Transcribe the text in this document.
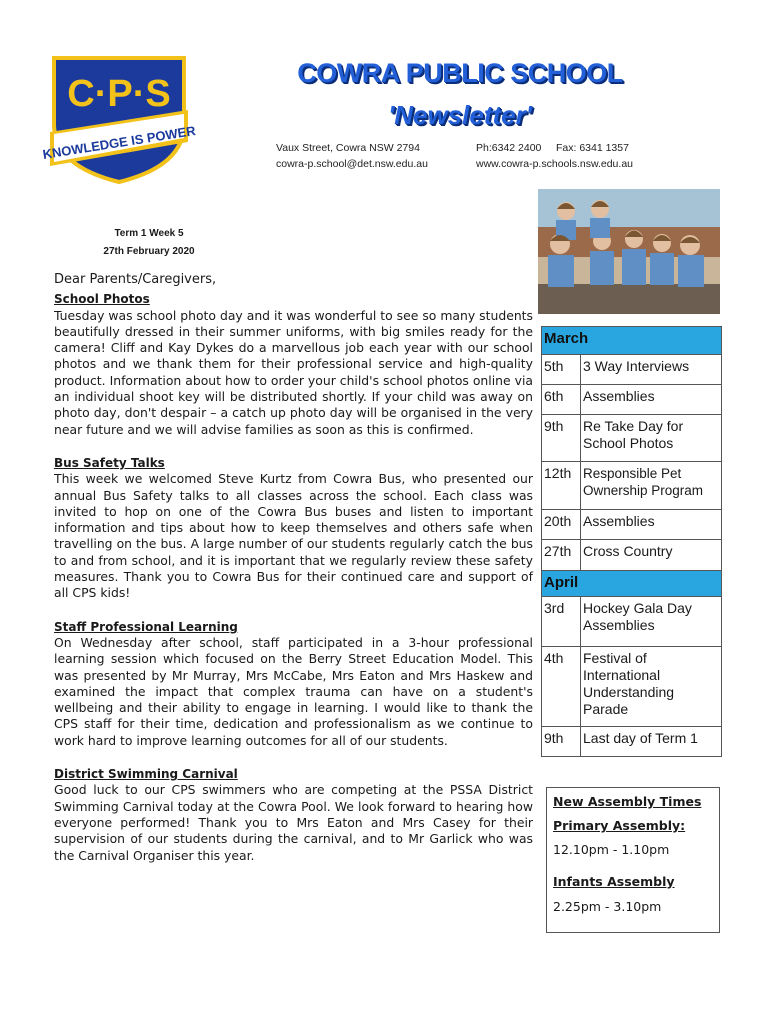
C·P·S
KNOWLEDGE IS POWER
COWRA PUBLIC SCHOOL
'Newsletter'
Vaux Street, Cowra NSW 2794	Ph:6342 2400     Fax: 6341 1357
cowra-p.school@det.nsw.edu.au	www.cowra-p.schools.nsw.edu.au
Term 1 Week 5
27th February 2020
Dear Parents/Caregivers,
School Photos

Tuesday was school photo day and it was wonderful to see so many students beautifully dressed in their summer uniforms, with big smiles ready for the camera! Cliff and Kay Dykes do a marvellous job each year with our school photos and we thank them for their professional service and high-quality product. Information about how to order your child's school photos online via an individual shoot key will be distributed shortly. If your child was away on photo day, don't despair – a catch up photo day will be organised in the very near future and we will advise families as soon as this is confirmed.

Bus Safety Talks

This week we welcomed Steve Kurtz from Cowra Bus, who presented our annual Bus Safety talks to all classes across the school. Each class was invited to hop on one of the Cowra Bus buses and listen to important information and tips about how to keep themselves and others safe when travelling on the bus. A large number of our students regularly catch the bus to and from school, and it is important that we regularly review these safety measures. Thank you to Cowra Bus for their continued care and support of all CPS kids!

Staff Professional Learning

On Wednesday after school, staff participated in a 3-hour professional learning session which focused on the Berry Street Education Model. This was presented by Mr Murray, Mrs McCabe, Mrs Eaton and Mrs Haskew and examined the impact that complex trauma can have on a student's wellbeing and their ability to engage in learning. I would like to thank the CPS staff for their time, dedication and professionalism as we continue to work hard to improve learning outcomes for all of our students.

District Swimming Carnival

Good luck to our CPS swimmers who are competing at the PSSA District Swimming Carnival today at the Cowra Pool. We look forward to hearing how everyone performed! Thank you to Mrs Eaton and Mrs Casey for their supervision of our students during the carnival, and to Mr Garlick who was the Carnival Organiser this year.

March	
5th	3 Way Interviews
6th	Assemblies
9th	Re Take Day for School Photos
12th	Responsible Pet Ownership Program
20th	Assemblies
27th	Cross Country
April	
3rd	Hockey Gala Day Assemblies
4th	Festival of International Understanding Parade
9th	Last day of Term 1
New Assembly Times
Primary Assembly:
12.10pm - 1.10pm
Infants Assembly
2.25pm - 3.10pm
